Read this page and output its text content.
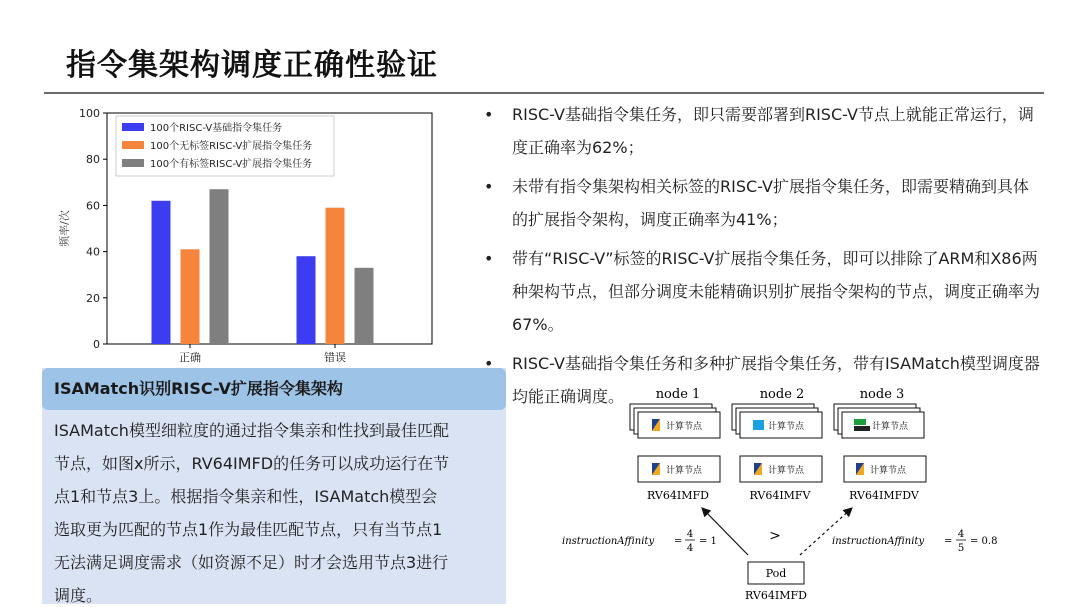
指令集架构调度正确性验证
0
20
40
60
80
100
频率/次
正确	错误
100个RISC-V基础指令集任务
100个无标签RISC-V扩展指令集任务
100个有标签RISC-V扩展指令集任务
ISAMatch识别RISC-V扩展指令集架构
ISAMatch模型细粒度的通过指令集亲和性找到最佳匹配
节点，如图x所示，RV64IMFD的任务可以成功运行在节
点1和节点3上。根据指令集亲和性，ISAMatch模型会
选取更为匹配的节点1作为最佳匹配节点，只有当节点1
无法满足调度需求（如资源不足）时才会选用节点3进行
调度。
• RISC-V基础指令集任务，即只需要部署到RISC-V节点上就能正常运行，调度正确率为62%；
• 未带有指令集架构相关标签的RISC-V扩展指令集任务，即需要精确到具体的扩展指令架构，调度正确率为41%；
• 带有“RISC-V”标签的RISC-V扩展指令集任务，即可以排除了ARM和X86两种架构节点，但部分调度未能精确识别扩展指令架构的节点，调度正确率为67%。
• RISC-V基础指令集任务和多种扩展指令集任务，带有ISAMatch模型调度器均能正确调度。	node 1
计算节点
计算节点
RV64IMFD
node 2
计算节点
计算节点
RV64IMFV
node 3
计算节点
计算节点
RV64IMFDV
>
instructionAffinity =
4
4
= 1	instructionAffinity =
4
5
= 0.8
Pod
RV64IMFD
